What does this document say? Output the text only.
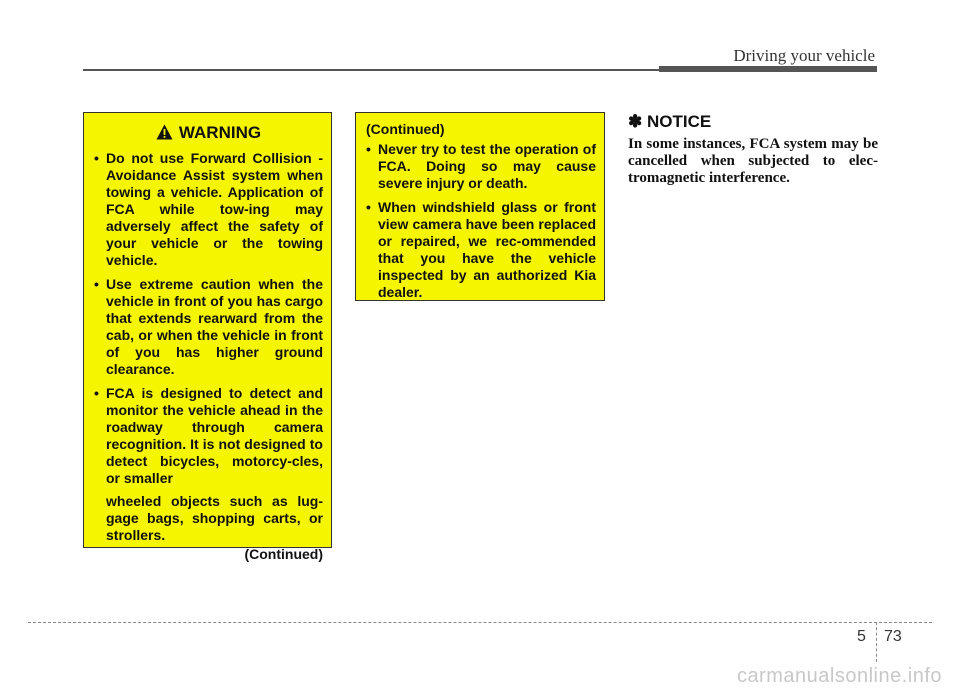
Driving your vehicle
WARNING
• Do not use Forward Collision - Avoidance Assist system when towing a vehicle. Application of FCA while tow-ing may adversely affect the safety of your vehicle or the towing vehicle.
• Use extreme caution when the vehicle in front of you has cargo that extends rearward from the cab, or when the vehicle in front of you has higher ground clearance.
• FCA is designed to detect and monitor the vehicle ahead in the roadway through camera recognition. It is not designed to detect bicycles, motorcy-cles, or smaller
wheeled objects such as lug-gage bags, shopping carts, or strollers.
(Continued)
(Continued)
• Never try to test the operation of FCA. Doing so may cause severe injury or death.
• When windshield glass or front view camera have been replaced or repaired, we rec-ommended that you have the vehicle inspected by an authorized Kia dealer.
✽ NOTICE
In some instances, FCA system may be cancelled when subjected to elec-tromagnetic interference.
5 73
carmanualsonline.info
